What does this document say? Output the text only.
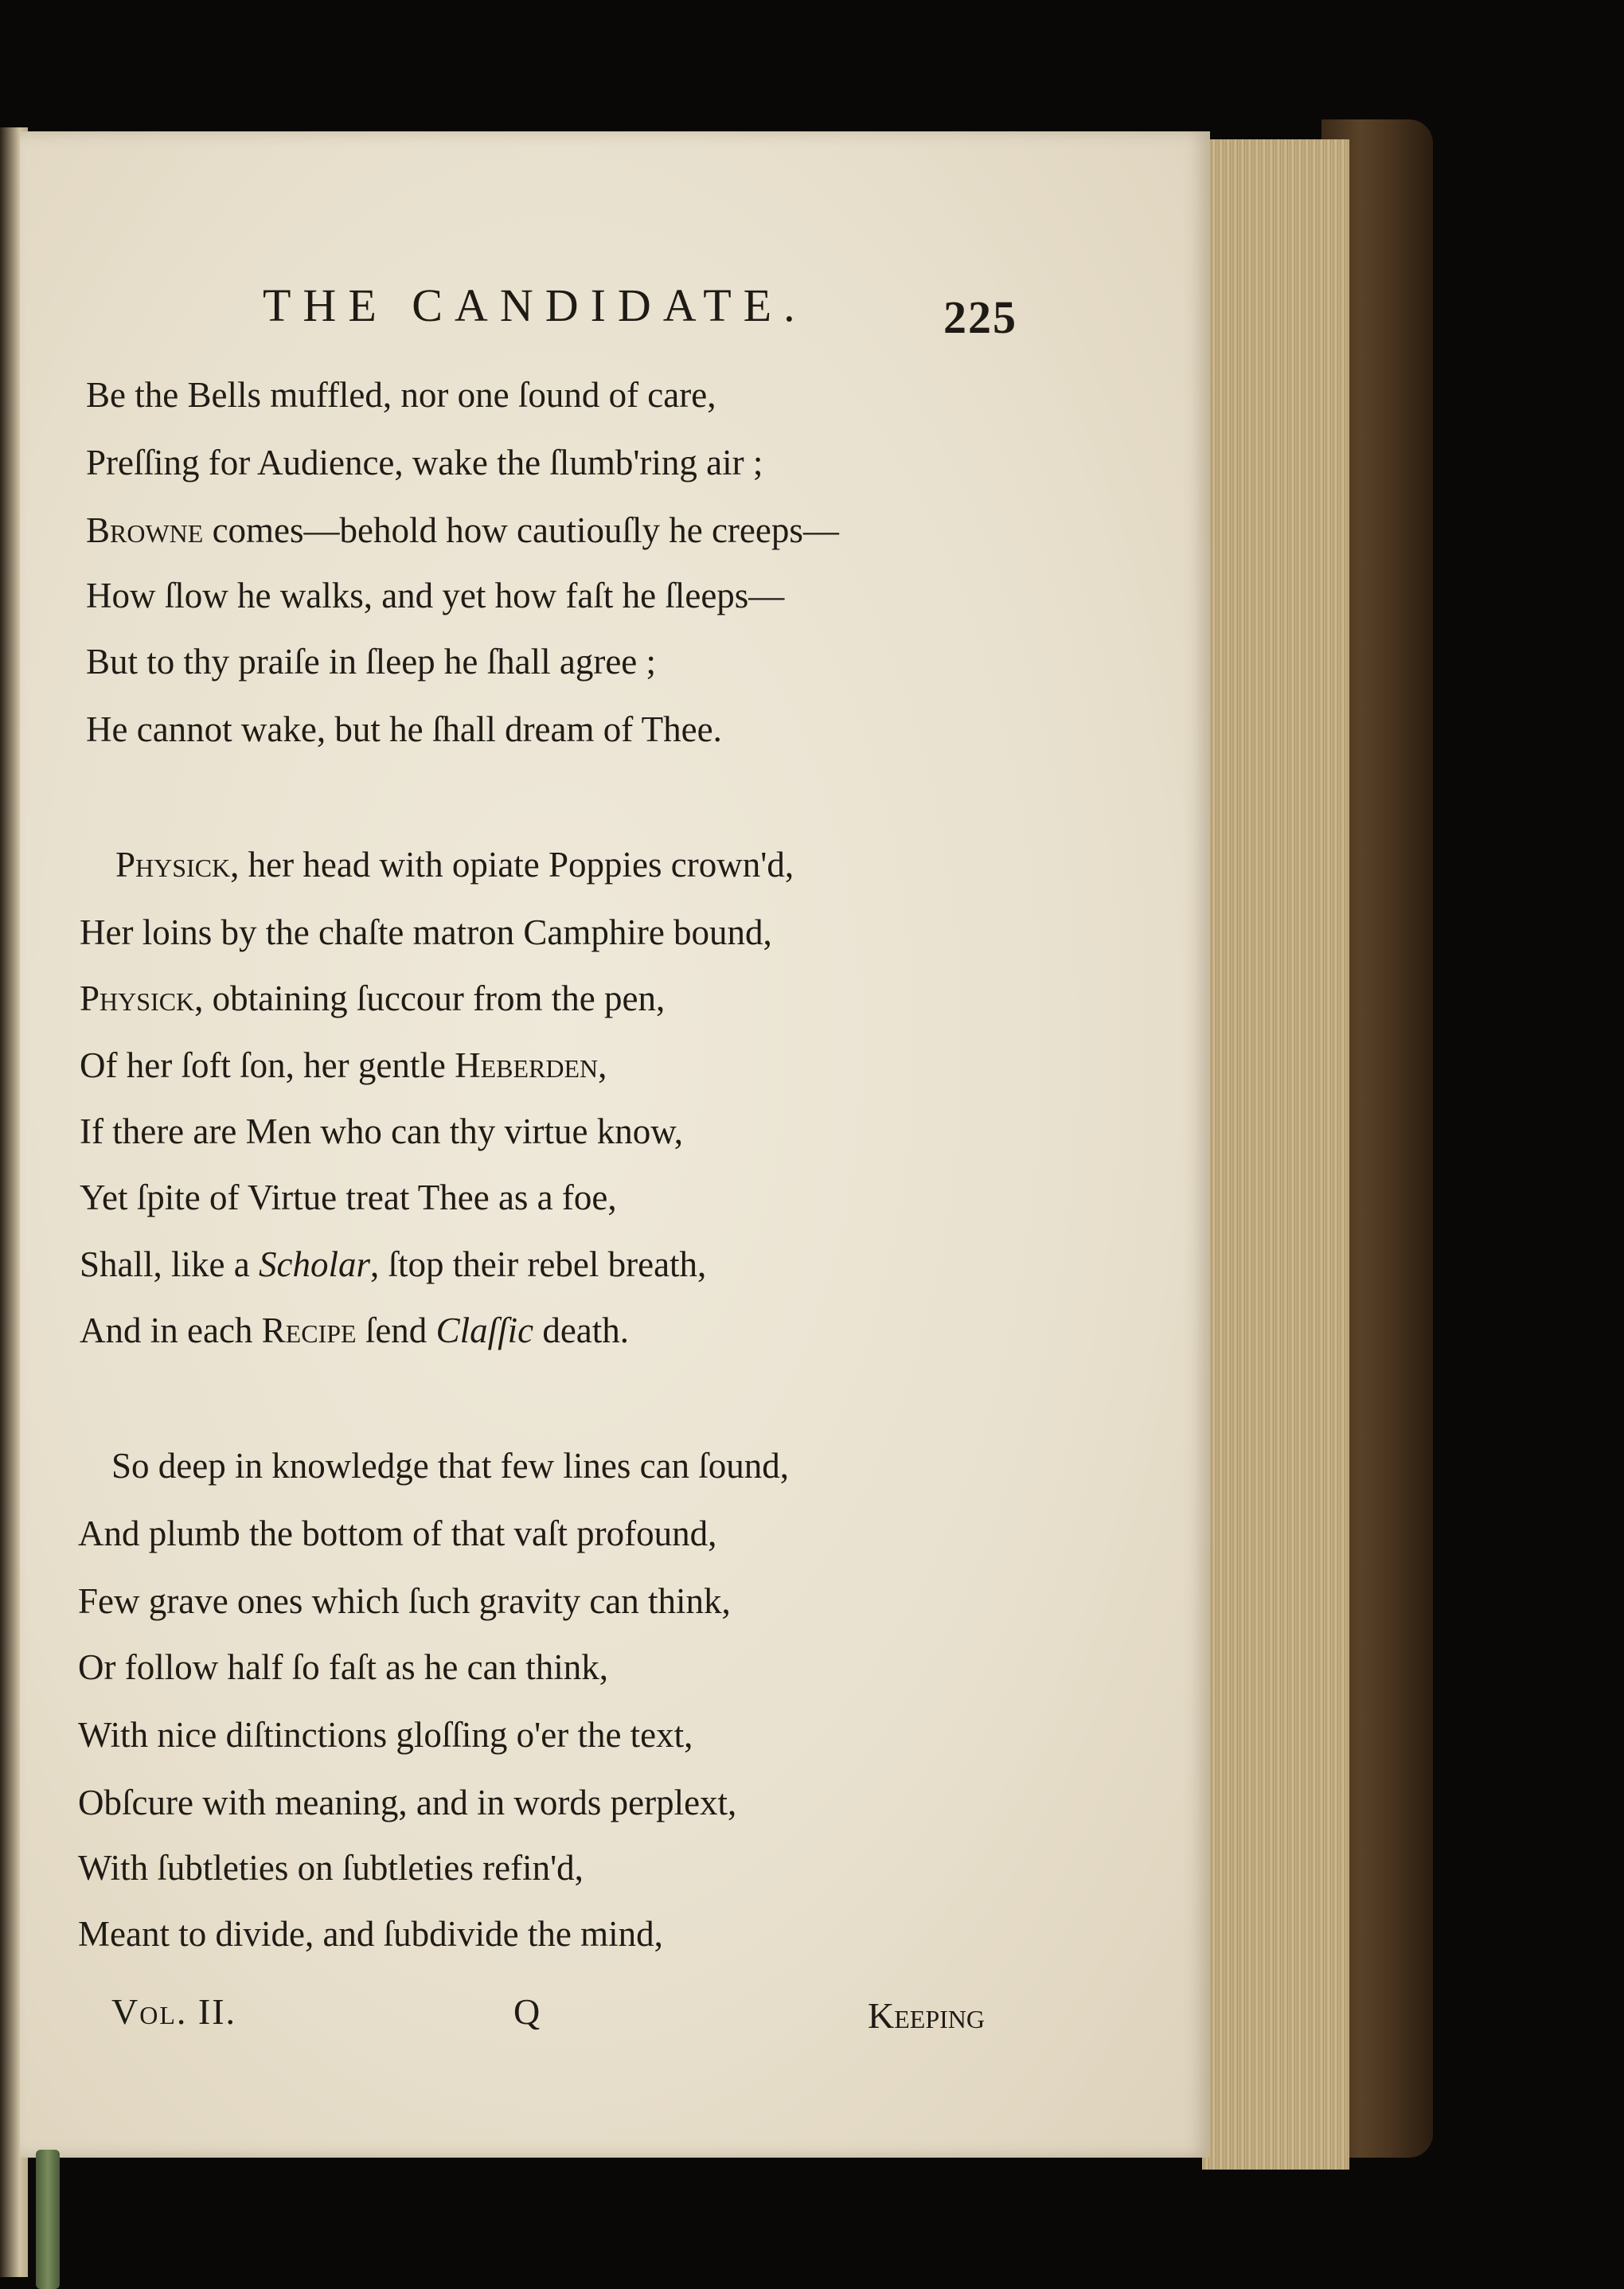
THE CANDIDATE.	225
Be the Bells muffled, nor one ſound of care,
Preſſing for Audience, wake the ſlumb'ring air ;
Browne comes—behold how cautiouſly he creeps—
How ſlow he walks, and yet how faſt he ſleeps—
But to thy praiſe in ſleep he ſhall agree ;
He cannot wake, but he ſhall dream of Thee.
Physick, her head with opiate Poppies crown'd,
Her loins by the chaſte matron Camphire bound,
Physick, obtaining ſuccour from the pen,
Of her ſoft ſon, her gentle Heberden,
If there are Men who can thy virtue know,
Yet ſpite of Virtue treat Thee as a foe,
Shall, like a Scholar, ſtop their rebel breath,
And in each Recipe ſend Claſſic death.
So deep in knowledge that few lines can ſound,
And plumb the bottom of that vaſt profound,
Few grave ones which ſuch gravity can think,
Or follow half ſo faſt as he can think,
With nice diſtinctions gloſſing o'er the text,
Obſcure with meaning, and in words perplext,
With ſubtleties on ſubtleties refin'd,
Meant to divide, and ſubdivide the mind,
Vol. II.	Q	Keeping
